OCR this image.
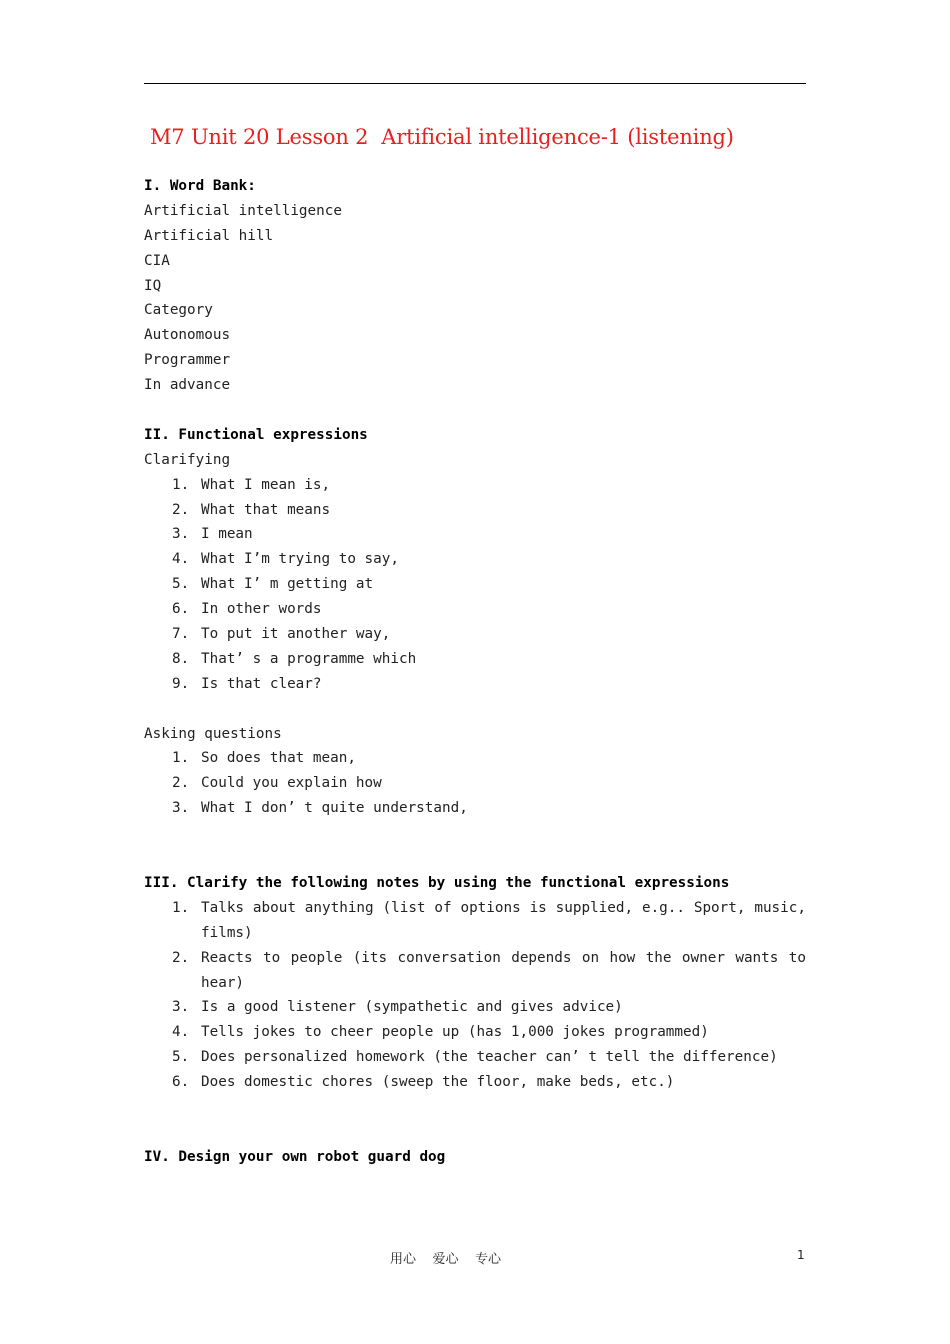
M7 Unit 20 Lesson 2  Artificial intelligence-1 (listening)
I. Word Bank:
Artificial intelligence
Artificial hill
CIA
IQ
Category
Autonomous
Programmer
In advance
II. Functional expressions
Clarifying
1. What I mean is,
2. What that means
3. I mean
4. What I’m trying to say,
5. What I’ m getting at
6. In other words
7. To put it another way,
8. That’ s a programme which
9. Is that clear?
Asking questions
1. So does that mean,
2. Could you explain how
3. What I don’ t quite understand,
III. Clarify the following notes by using the functional expressions
1. Talks about anything (list of options is supplied, e.g.. Sport, music, films)
2. Reacts to people (its conversation depends on how the owner wants to hear)
3. Is a good listener (sympathetic and gives advice)
4. Tells jokes to cheer people up (has 1,000 jokes programmed)
5. Does personalized homework (the teacher can’ t tell the difference)
6. Does domestic chores (sweep the floor, make beds, etc.)
IV. Design your own robot guard dog
用心    爱心    专心	1
